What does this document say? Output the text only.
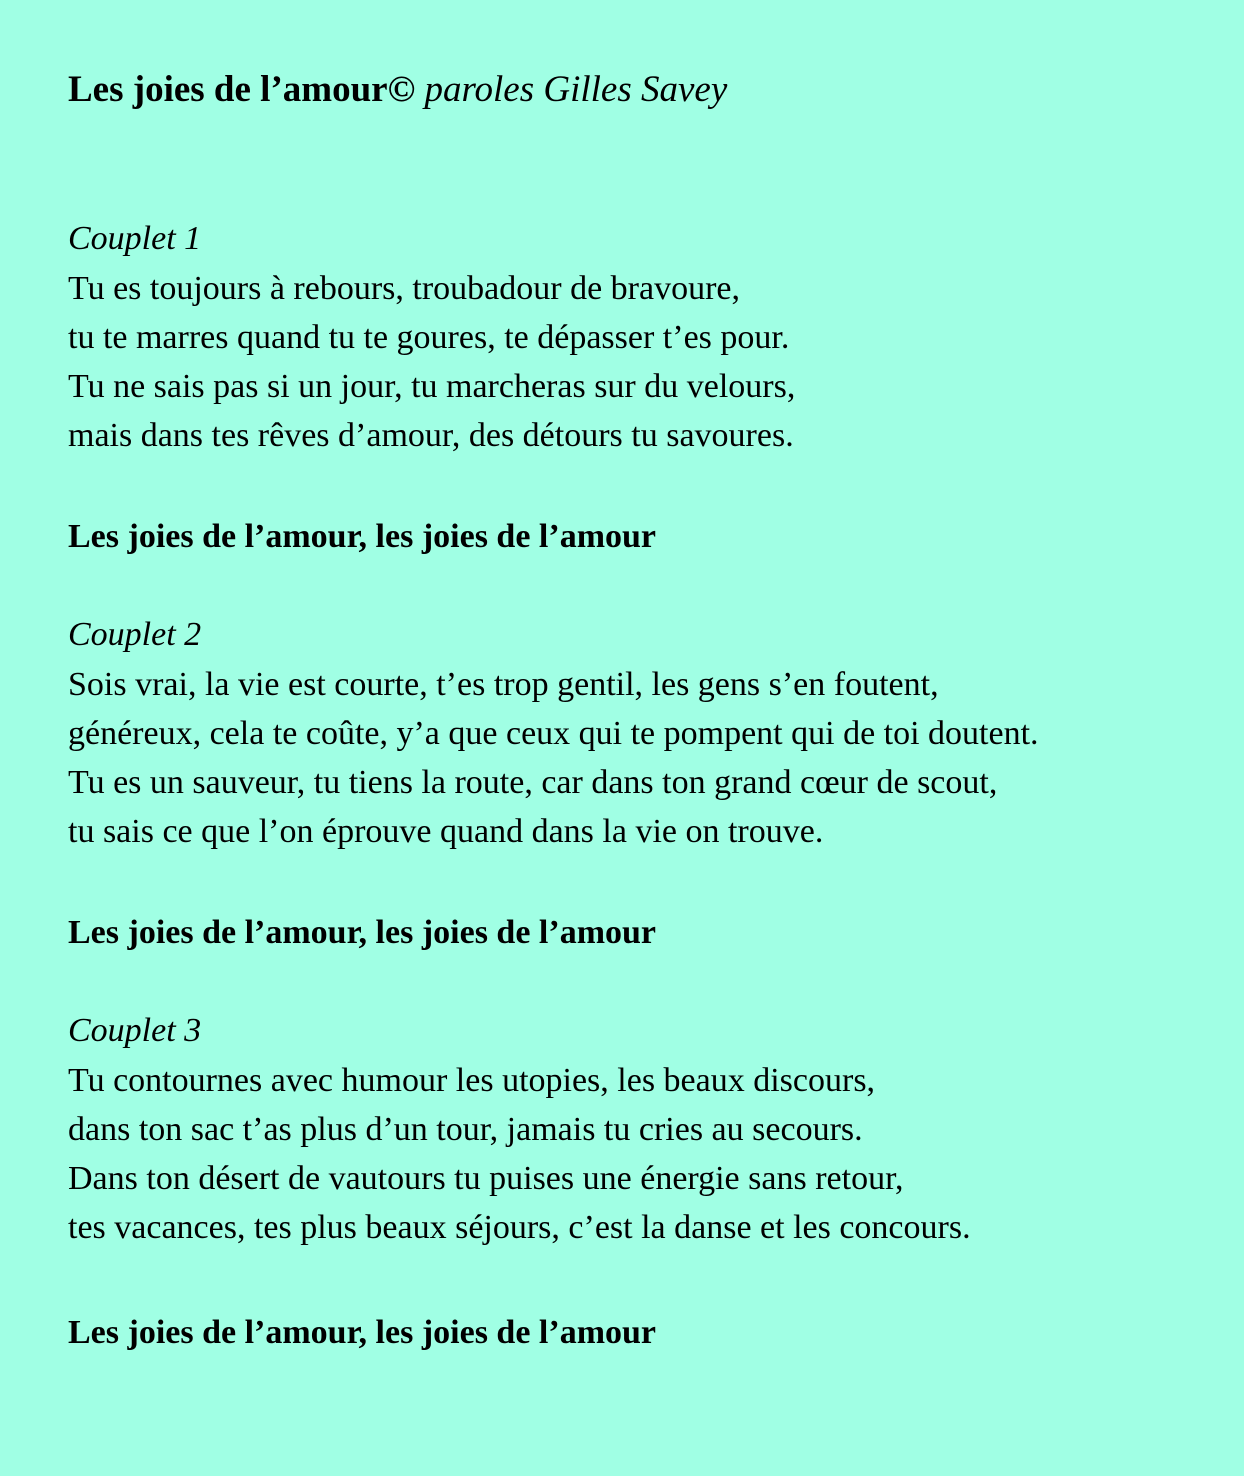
Les joies de l’amour© paroles Gilles Savey

Couplet 1

Tu es toujours à rebours, troubadour de bravoure,

tu te marres quand tu te goures, te dépasser t’es pour.

Tu ne sais pas si un jour, tu marcheras sur du velours,

mais dans tes rêves d’amour, des détours tu savoures.

Les joies de l’amour, les joies de l’amour

Couplet 2

Sois vrai, la vie est courte, t’es trop gentil, les gens s’en foutent,

généreux, cela te coûte, y’a que ceux qui te pompent qui de toi doutent.

Tu es un sauveur, tu tiens la route, car dans ton grand cœur de scout,

tu sais ce que l’on éprouve quand dans la vie on trouve.

Les joies de l’amour, les joies de l’amour

Couplet 3

Tu contournes avec humour les utopies, les beaux discours,

dans ton sac t’as plus d’un tour, jamais tu cries au secours.

Dans ton désert de vautours tu puises une énergie sans retour,

tes vacances, tes plus beaux séjours, c’est la danse et les concours.

Les joies de l’amour, les joies de l’amour
